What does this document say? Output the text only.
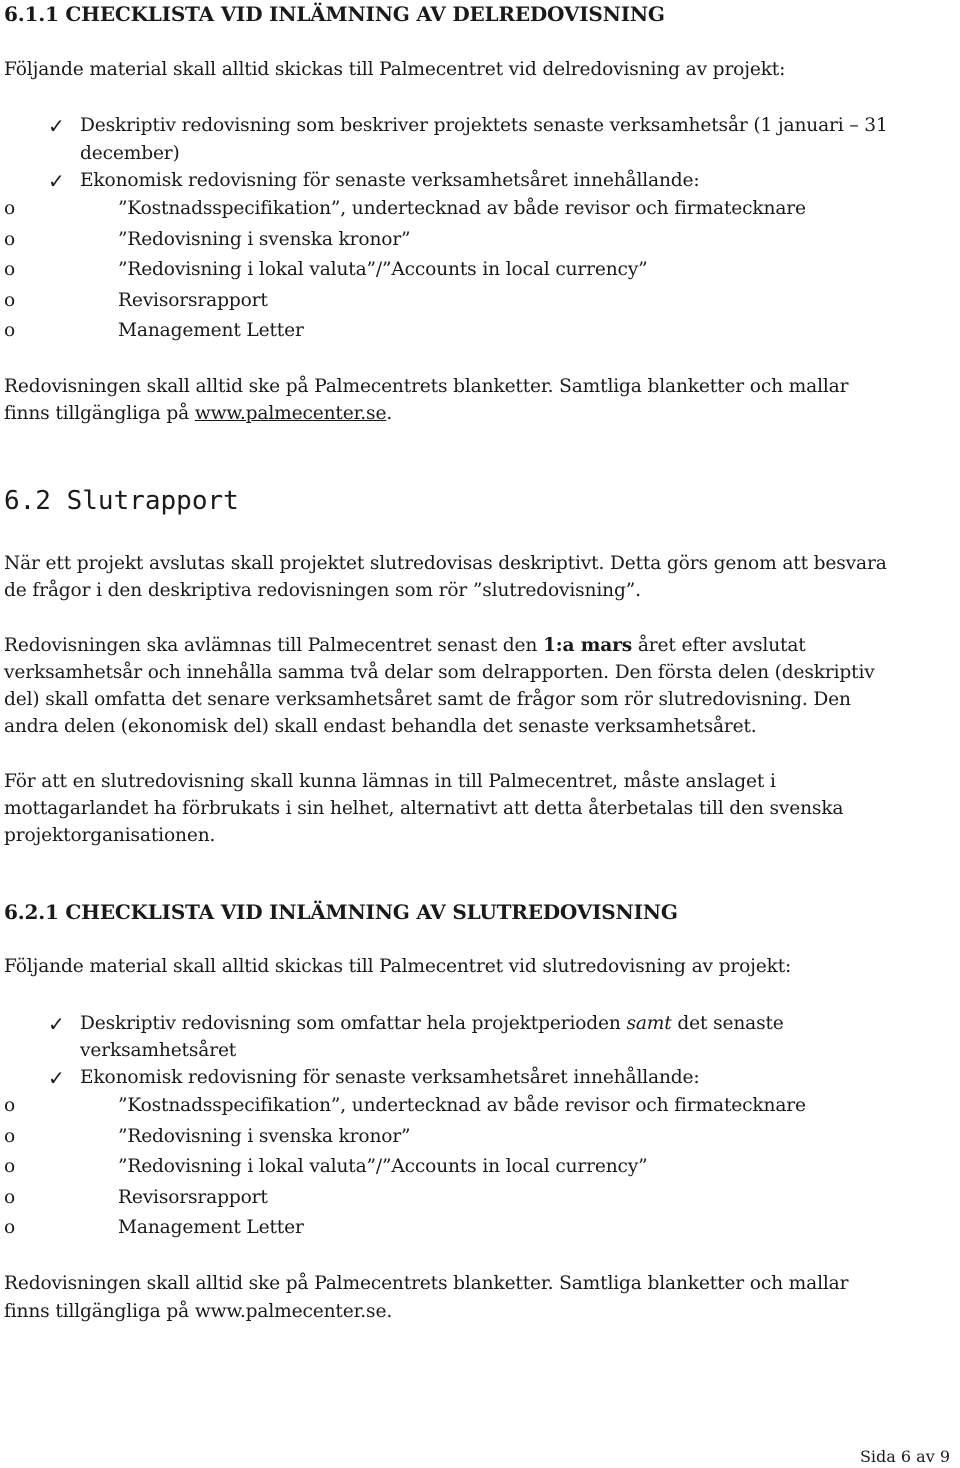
6.1.1 CHECKLISTA VID INLÄMNING AV DELREDOVISNING
Följande material skall alltid skickas till Palmecentret vid delredovisning av projekt:
✓ Deskriptiv redovisning som beskriver projektets senaste verksamhetsår (1 januari – 31
december)
✓ Ekonomisk redovisning för senaste verksamhetsåret innehållande:
o	”Kostnadsspecifikation”, undertecknad av både revisor och firmatecknare
o	”Redovisning i svenska kronor”
o	”Redovisning i lokal valuta”/”Accounts in local currency”
o	Revisorsrapport
o	Management Letter
Redovisningen skall alltid ske på Palmecentrets blanketter. Samtliga blanketter och mallar
finns tillgängliga på www.palmecenter.se.
6.2 Slutrapport
När ett projekt avslutas skall projektet slutredovisas deskriptivt. Detta görs genom att besvara
de frågor i den deskriptiva redovisningen som rör ”slutredovisning”.
Redovisningen ska avlämnas till Palmecentret senast den 1:a mars året efter avslutat
verksamhetsår och innehålla samma två delar som delrapporten. Den första delen (deskriptiv
del) skall omfatta det senare verksamhetsåret samt de frågor som rör slutredovisning. Den
andra delen (ekonomisk del) skall endast behandla det senaste verksamhetsåret.
För att en slutredovisning skall kunna lämnas in till Palmecentret, måste anslaget i
mottagarlandet ha förbrukats i sin helhet, alternativt att detta återbetalas till den svenska
projektorganisationen.
6.2.1 CHECKLISTA VID INLÄMNING AV SLUTREDOVISNING
Följande material skall alltid skickas till Palmecentret vid slutredovisning av projekt:
✓ Deskriptiv redovisning som omfattar hela projektperioden samt det senaste
verksamhetsåret
✓ Ekonomisk redovisning för senaste verksamhetsåret innehållande:
o	”Kostnadsspecifikation”, undertecknad av både revisor och firmatecknare
o	”Redovisning i svenska kronor”
o	”Redovisning i lokal valuta”/”Accounts in local currency”
o	Revisorsrapport
o	Management Letter
Redovisningen skall alltid ske på Palmecentrets blanketter. Samtliga blanketter och mallar
finns tillgängliga på www.palmecenter.se.
Sida 6 av 9
